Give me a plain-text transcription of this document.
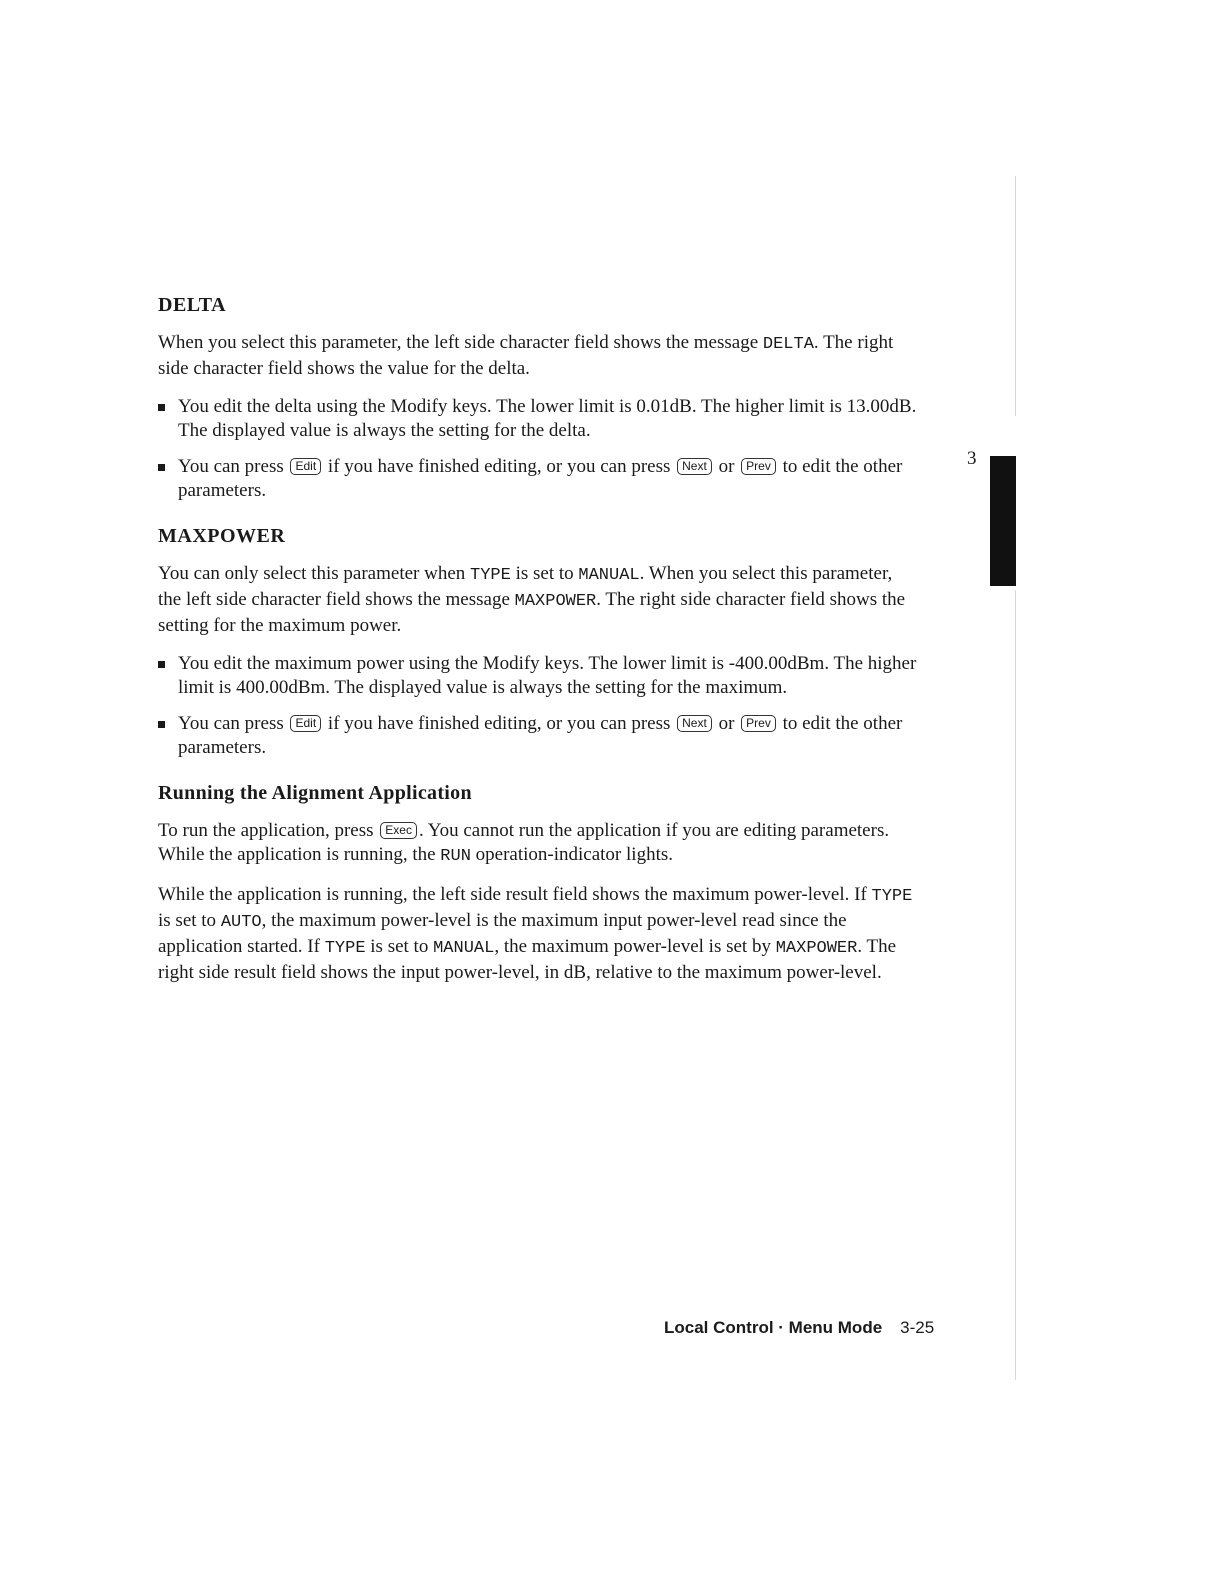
DELTA

When you select this parameter, the left side character field shows the message DELTA. The right side character field shows the value for the delta.

You edit the delta using the Modify keys. The lower limit is 0.01dB. The higher limit is 13.00dB. The displayed value is always the setting for the delta.
You can press Edit if you have finished editing, or you can press Next or Prev to edit the other parameters.
MAXPOWER

You can only select this parameter when TYPE is set to MANUAL. When you select this parameter, the left side character field shows the message MAXPOWER. The right side character field shows the setting for the maximum power.

You edit the maximum power using the Modify keys. The lower limit is -400.00dBm. The higher limit is 400.00dBm. The displayed value is always the setting for the maximum.
You can press Edit if you have finished editing, or you can press Next or Prev to edit the other parameters.
Running the Alignment Application

To run the application, press Exec . You cannot run the application if you are editing parameters. While the application is running, the RUN operation-indicator lights.

While the application is running, the left side result field shows the maximum power-level. If TYPE is set to AUTO, the maximum power-level is the maximum input power-level read since the application started. If TYPE is set to MANUAL, the maximum power-level is set by MAXPOWER. The right side result field shows the input power-level, in dB, relative to the maximum power-level.

3
Local Control · Menu Mode 3-25
